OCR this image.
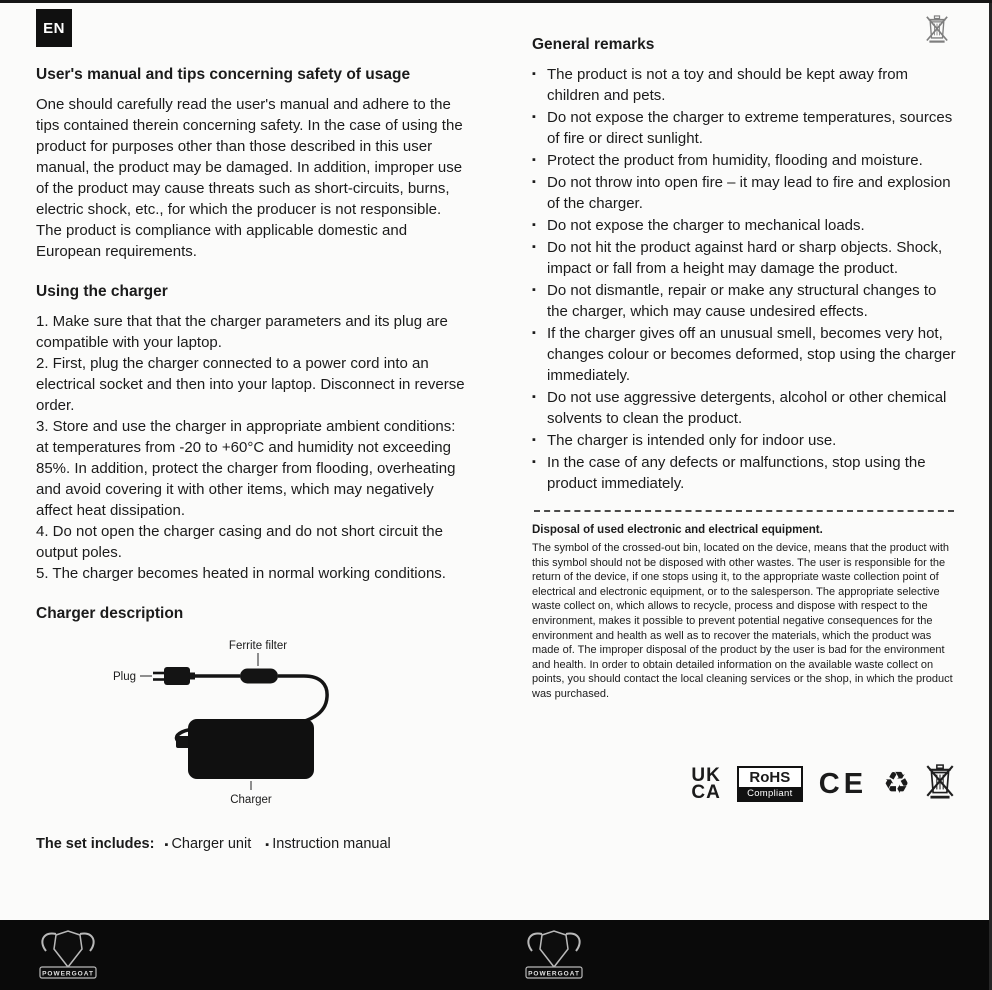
EN
User's manual and tips concerning safety of usage

One should carefully read the user's manual and adhere to the tips contained therein concerning safety. In the case of using the product for purposes other than those described in this user manual, the product may be damaged. In addition, improper use of the product may cause threats such as short-circuits, burns, electric shock, etc., for which the producer is not responsible. The product is compliance with applicable domestic and European requirements.

Using the charger

1. Make sure that that the charger parameters and its plug are compatible with your laptop.

2. First, plug the charger connected to a power cord into an electrical socket and then into your laptop. Disconnect in reverse order.

3. Store and use the charger in appropriate ambient conditions: at temperatures from -20 to +60°C and humidity not exceeding 85%. In addition, protect the charger from flooding, overheating and avoid covering it with other items, which may negatively affect heat dissipation.

4. Do not open the charger casing and do not short circuit the output poles.

5. The charger becomes heated in normal working conditions.

Charger description
Ferrite filter
Plug
Charger

The set includes: ▪ Charger unit ▪ Instruction manual

General remarks
▪ The product is not a toy and should be kept away from children and pets.
▪ Do not expose the charger to extreme temperatures, sources of fire or direct sunlight.
▪ Protect the product from humidity, flooding and moisture.
▪ Do not throw into open fire – it may lead to fire and explosion of the charger.
▪ Do not expose the charger to mechanical loads.
▪ Do not hit the product against hard or sharp objects. Shock, impact or fall from a height may damage the product.
▪ Do not dismantle, repair or make any structural changes to the charger, which may cause undesired effects.
▪ If the charger gives off an unusual smell, becomes very hot, changes colour or becomes deformed, stop using the charger immediately.
▪ Do not use aggressive detergents, alcohol or other chemical solvents to clean the product.
▪ The charger is intended only for indoor use.
▪ In the case of any defects or malfunctions, stop using the product immediately.

Disposal of used electronic and electrical equipment.

The symbol of the crossed-out bin, located on the device, means that the product with this symbol should not be disposed with other wastes. The user is responsible for the return of the device, if one stops using it, to the appropriate waste collection point of electrical and electronic equipment, or to the salesperson. The appropriate selective waste collect on, which allows to recycle, process and dispose with respect to the environment, makes it possible to prevent potential negative consequences for the environment and health as well as to recover the materials, which the product was made of. The improper disposal of the product by the user is bad for the environment and health. In order to obtain detailed information on the available waste collect on points, you should contact the local cleaning services or the shop, in which the product was purchased.

UK
CA
RoHS
Compliant CE ♻
POWERGOAT	POWERGOAT
